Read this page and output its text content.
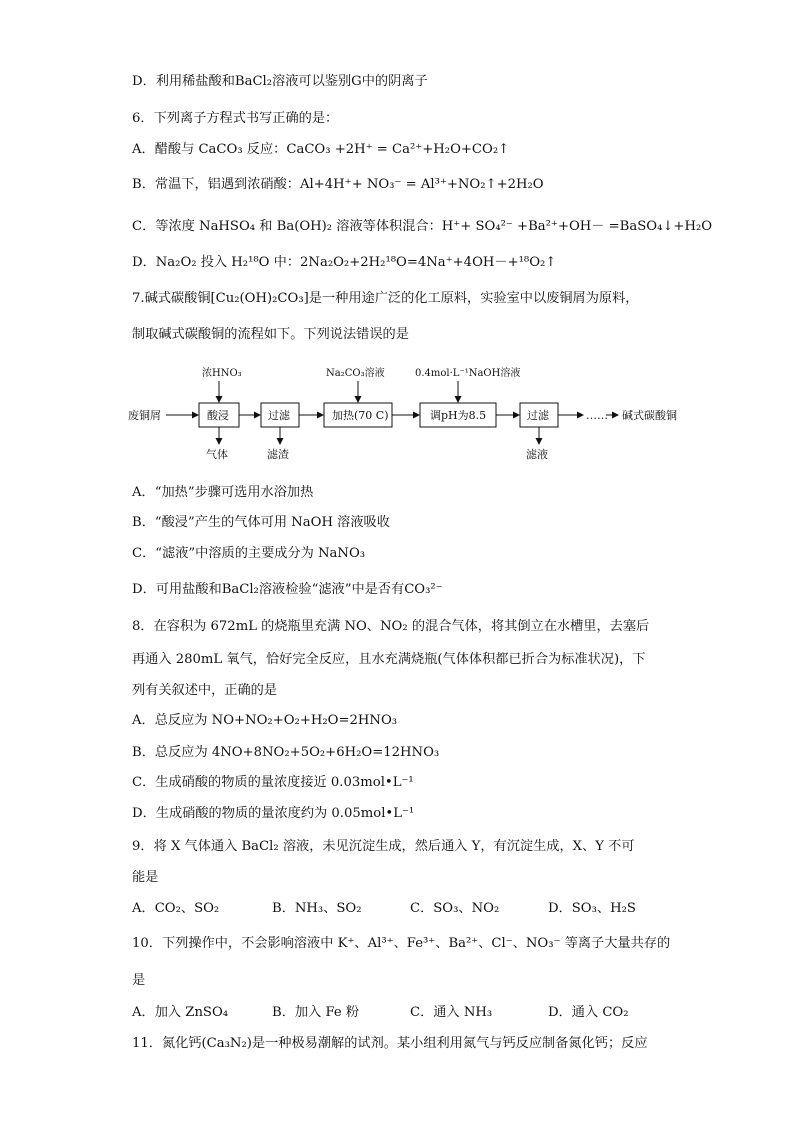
D．利用稀盐酸和BaCl₂溶液可以鉴别G中的阴离子
6．下列离子方程式书写正确的是：
A．醋酸与 CaCO₃ 反应：CaCO₃ +2H⁺ = Ca²⁺+H₂O+CO₂↑
B．常温下，铝遇到浓硝酸：Al+4H⁺+ NO₃⁻ = Al³⁺+NO₂↑+2H₂O
C．等浓度 NaHSO₄ 和 Ba(OH)₂ 溶液等体积混合：H⁺+ SO₄²⁻ +Ba²⁺+OH－ =BaSO₄↓+H₂O
D．Na₂O₂ 投入 H₂¹⁸O 中：2Na₂O₂+2H₂¹⁸O=4Na⁺+4OH－+¹⁸O₂↑
7.碱式碳酸铜[Cu₂(OH)₂CO₃]是一种用途广泛的化工原料，实验室中以废铜屑为原料，
制取碱式碳酸铜的流程如下。下列说法错误的是
废铜屑	酸浸	过滤	加热(70 C)	调pH为8.5	过滤	…… 碱式碳酸铜
浓HNO₃	Na₂CO₃溶液	0.4mol·L⁻¹NaOH溶液
气体	滤渣	滤液
A．“加热”步骤可选用水浴加热
B．“酸浸”产生的气体可用 NaOH 溶液吸收
C．“滤液”中溶质的主要成分为 NaNO₃
D．可用盐酸和BaCl₂溶液检验“滤液”中是否有CO₃²⁻
8．在容积为 672mL 的烧瓶里充满 NO、NO₂ 的混合气体，将其倒立在水槽里，去塞后
再通入 280mL 氧气，恰好完全反应，且水充满烧瓶(气体体积都已折合为标准状况)，下
列有关叙述中，正确的是
A．总反应为 NO+NO₂+O₂+H₂O=2HNO₃
B．总反应为 4NO+8NO₂+5O₂+6H₂O=12HNO₃
C．生成硝酸的物质的量浓度接近 0.03mol•L⁻¹
D．生成硝酸的物质的量浓度约为 0.05mol•L⁻¹
9．将 X 气体通入 BaCl₂ 溶液，未见沉淀生成，然后通入 Y，有沉淀生成，X、Y 不可
能是
A．CO₂、SO₂	B．NH₃、SO₂	C．SO₃、NO₂	D．SO₃、H₂S
10．下列操作中，不会影响溶液中 K⁺、Al³⁺、Fe³⁺、Ba²⁺、Cl⁻、NO₃⁻ 等离子大量共存的
是
A．加入 ZnSO₄	B．加入 Fe 粉	C．通入 NH₃	D．通入 CO₂
11．氮化钙(Ca₃N₂)是一种极易潮解的试剂。某小组利用氮气与钙反应制备氮化钙；反应
